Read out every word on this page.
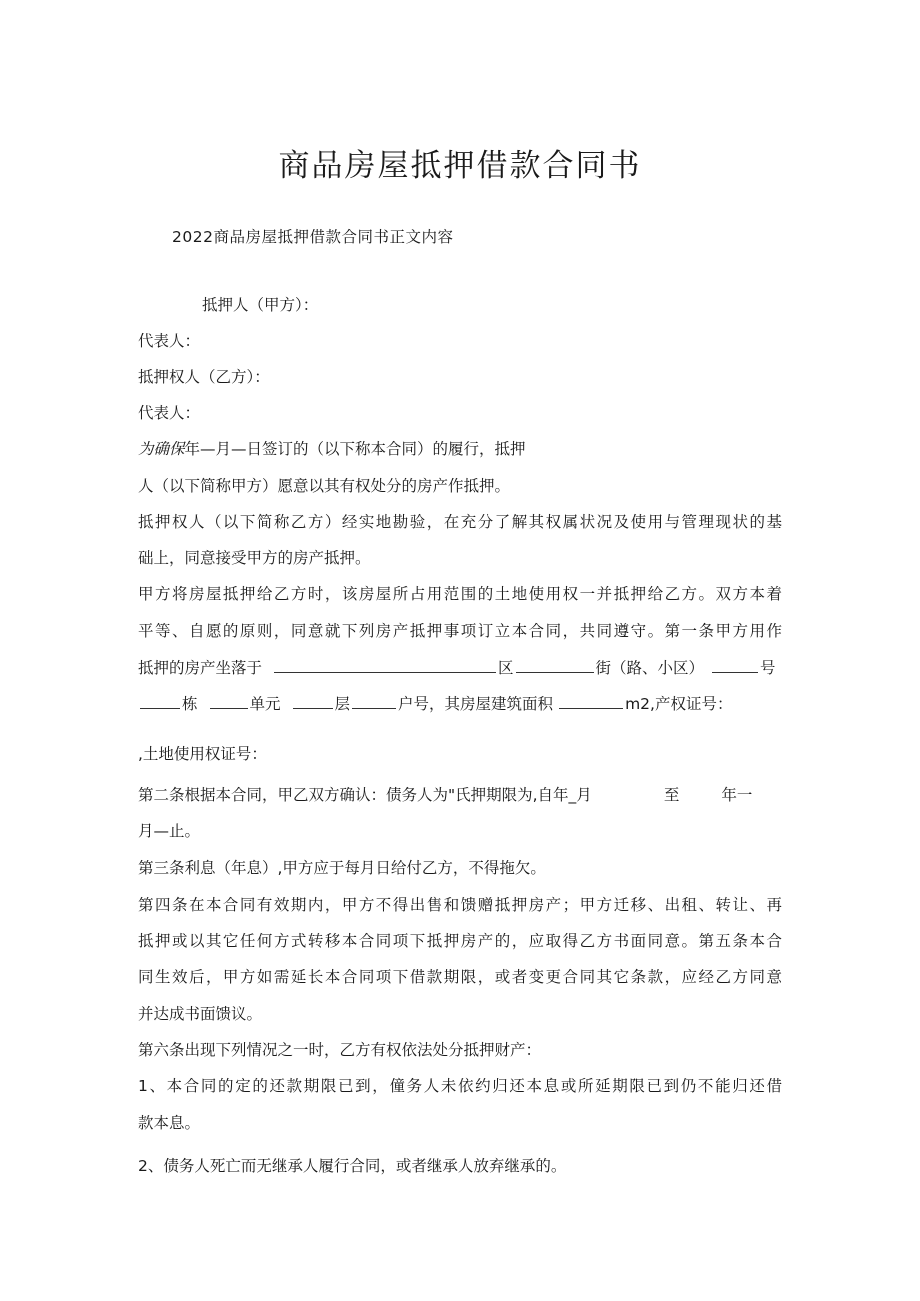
商品房屋抵押借款合同书

2022商品房屋抵押借款合同书正文内容

抵押人（甲方）：

代表人：

抵押权人（乙方）：

代表人：

为确保年—月—日签订的（以下称本合同）的履行，抵押

人（以下简称甲方）愿意以其有权处分的房产作抵押。

抵押权人（以下简称乙方）经实地勘验，在充分了解其权属状况及使用与管理现状的基

础上，同意接受甲方的房产抵押。

甲方将房屋抵押给乙方时，该房屋所占用范围的土地使用权一并抵押给乙方。双方本着

平等、自愿的原则，同意就下列房产抵押事项订立本合同，共同遵守。第一条甲方用作

抵押的房产坐落于	区	街（路、小区）	号

栋	单元	层	户号，其房屋建筑面积	m2,产权证号：

,土地使用权证号：

第二条根据本合同，甲乙双方确认：债务人为"氏押期限为,自年_月	至	年一

月—止。

第三条利息（年息）,甲方应于每月日给付乙方，不得拖欠。

第四条在本合同有效期内，甲方不得出售和馈赠抵押房产；甲方迁移、出租、转让、再

抵押或以其它任何方式转移本合同项下抵押房产的，应取得乙方书面同意。第五条本合

同生效后，甲方如需延长本合同项下借款期限，或者变更合同其它条款，应经乙方同意

并达成书面馈议。

第六条出现下列情况之一时，乙方有权依法处分抵押财产：

1、本合同的定的还款期限已到，僮务人未依约归还本息或所延期限已到仍不能归还借

款本息。

2、债务人死亡而无继承人履行合同，或者继承人放弃继承的。
